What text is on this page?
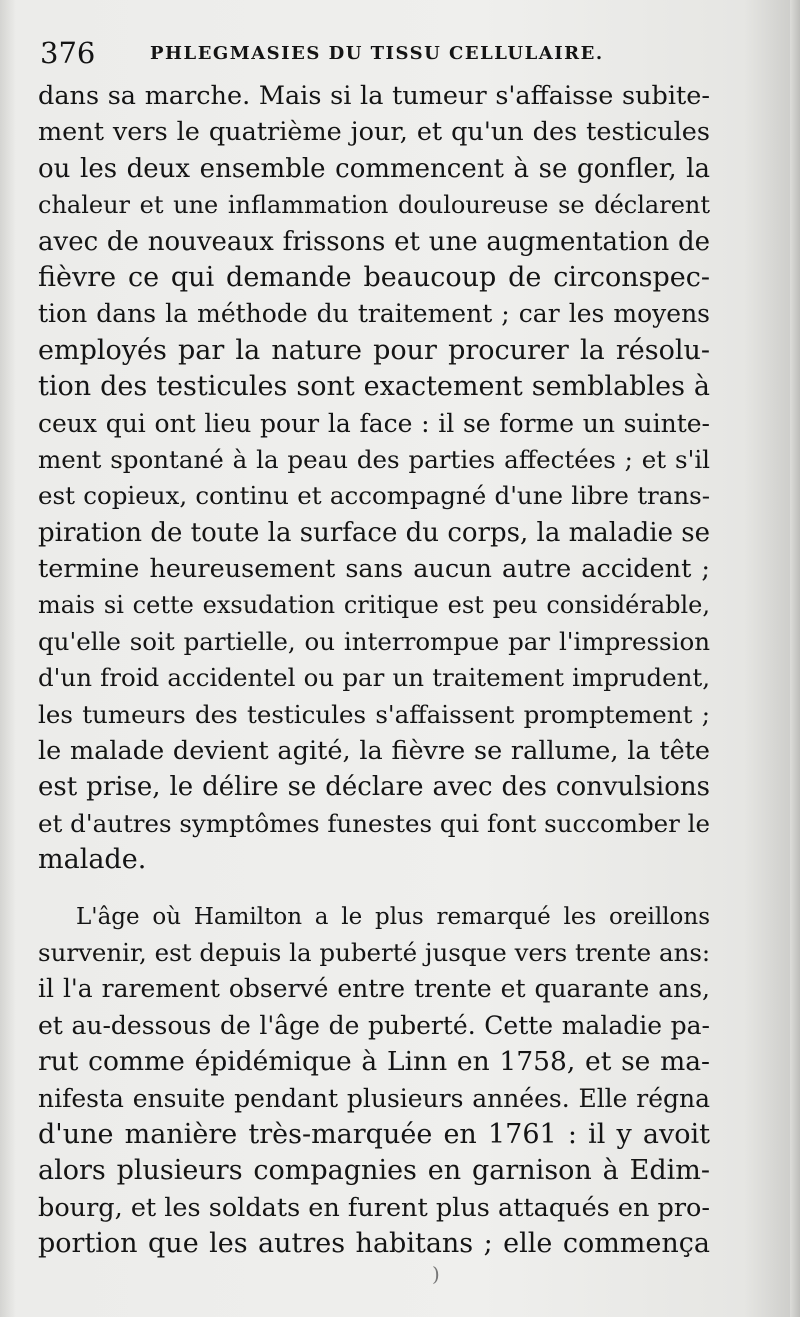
376	PHLEGMASIES DU TISSU CELLULAIRE.
dans sa marche. Mais si la tumeur s'affaisse subite-
ment vers le quatrième jour, et qu'un des testicules
ou les deux ensemble commencent à se gonfler, la
chaleur et une inflammation douloureuse se déclarent
avec de nouveaux frissons et une augmentation de
fièvre ce qui demande beaucoup de circonspec-
tion dans la méthode du traitement ; car les moyens
employés par la nature pour procurer la résolu-
tion des testicules sont exactement semblables à
ceux qui ont lieu pour la face : il se forme un suinte-
ment spontané à la peau des parties affectées ; et s'il
est copieux, continu et accompagné d'une libre trans-
piration de toute la surface du corps, la maladie se
termine heureusement sans aucun autre accident ;
mais si cette exsudation critique est peu considérable,
qu'elle soit partielle, ou interrompue par l'impression
d'un froid accidentel ou par un traitement imprudent,
les tumeurs des testicules s'affaissent promptement ;
le malade devient agité, la fièvre se rallume, la tête
est prise, le délire se déclare avec des convulsions
et d'autres symptômes funestes qui font succomber le
malade.
L'âge où Hamilton a le plus remarqué les oreillons
survenir, est depuis la puberté jusque vers trente ans:
il l'a rarement observé entre trente et quarante ans,
et au-dessous de l'âge de puberté. Cette maladie pa-
rut comme épidémique à Linn en 1758, et se ma-
nifesta ensuite pendant plusieurs années. Elle régna
d'une manière très-marquée en 1761 : il y avoit
alors plusieurs compagnies en garnison à Edim-
bourg, et les soldats en furent plus attaqués en pro-
portion que les autres habitans ; elle commença
)
